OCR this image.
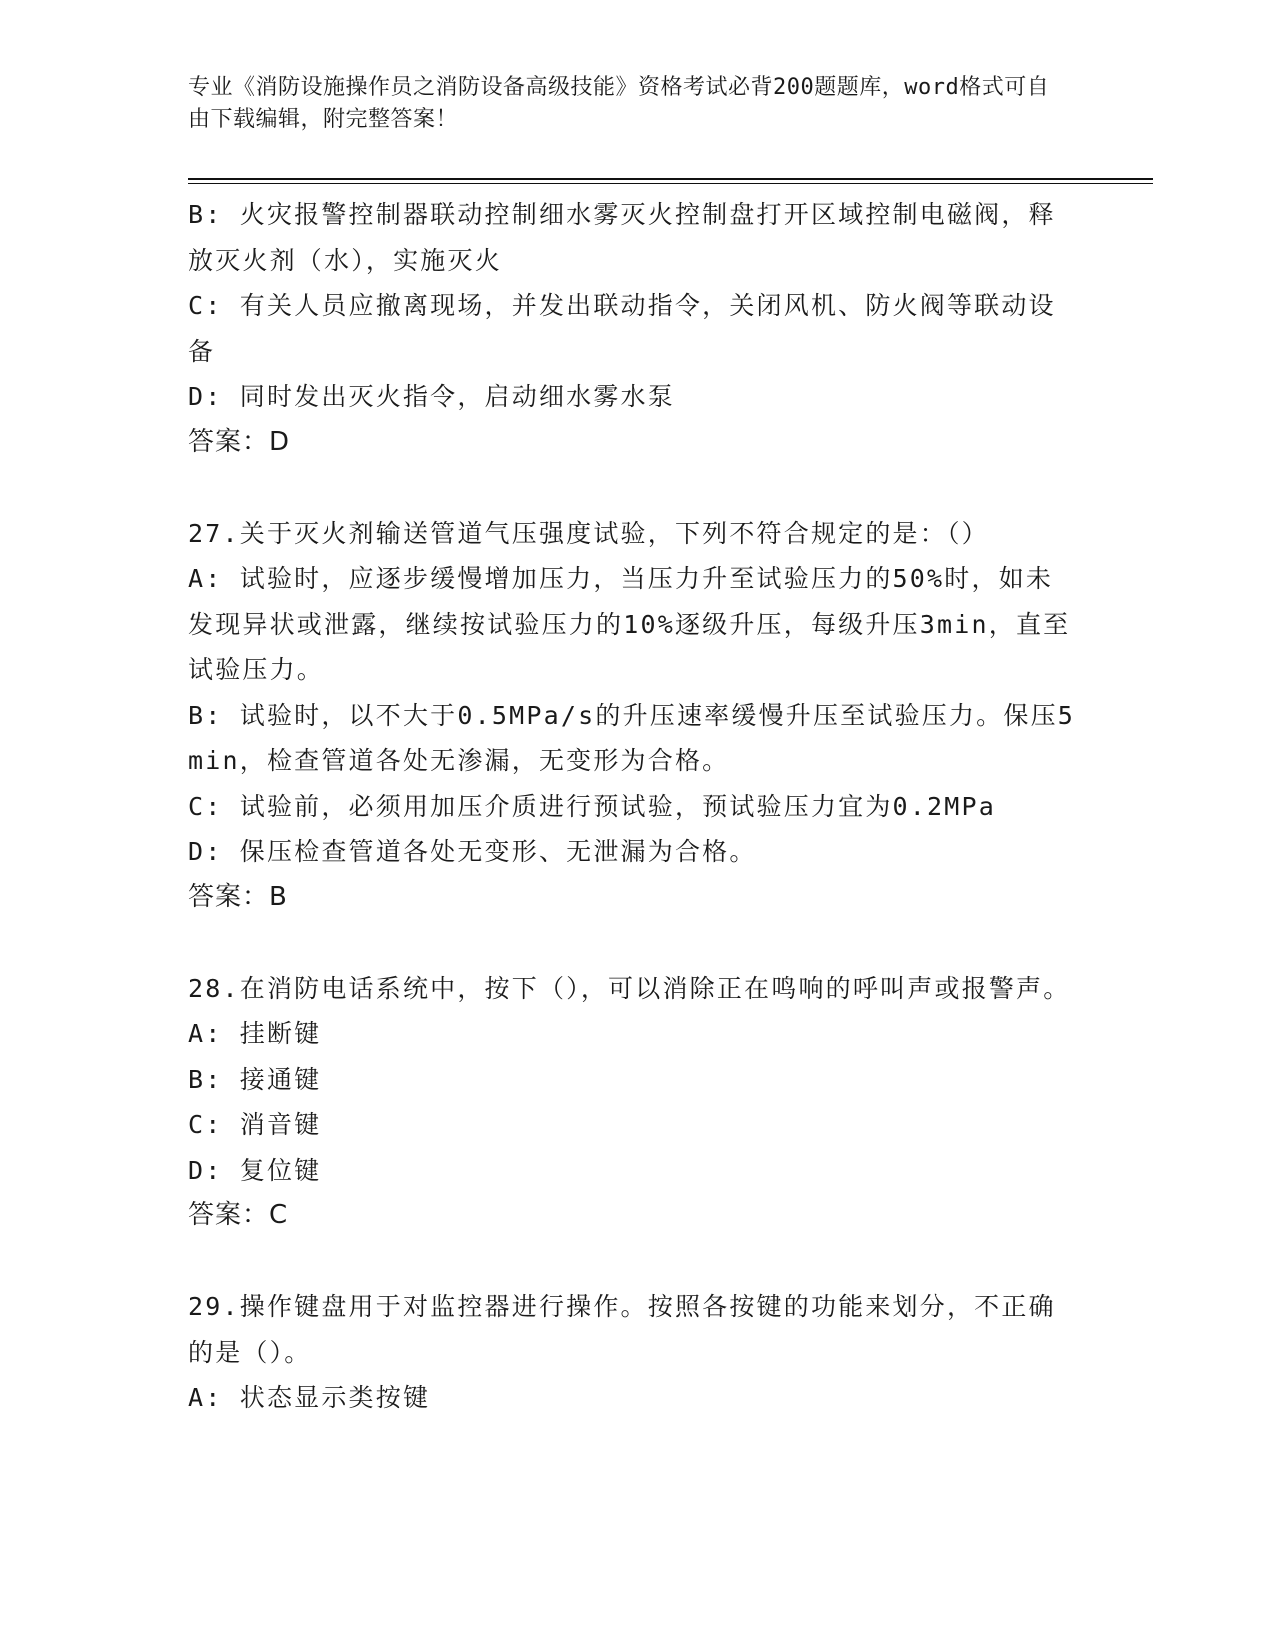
专业《消防设施操作员之消防设备高级技能》资格考试必背200题题库，word格式可自由下载编辑，附完整答案！

B: 火灾报警控制器联动控制细水雾灭火控制盘打开区域控制电磁阀，释放灭火剂（水），实施灭火

C: 有关人员应撤离现场，并发出联动指令，关闭风机、防火阀等联动设备

D: 同时发出灭火指令，启动细水雾水泵

答案：D

27.关于灭火剂输送管道气压强度试验，下列不符合规定的是：（）

A: 试验时，应逐步缓慢增加压力，当压力升至试验压力的50%时，如未发现异状或泄露，继续按试验压力的10%逐级升压，每级升压3min，直至试验压力。

B: 试验时，以不大于0.5MPa/s的升压速率缓慢升压至试验压力。保压5min，检查管道各处无渗漏，无变形为合格。

C: 试验前，必须用加压介质进行预试验，预试验压力宜为0.2MPa

D: 保压检查管道各处无变形、无泄漏为合格。

答案：B

28.在消防电话系统中，按下（），可以消除正在鸣响的呼叫声或报警声。

A: 挂断键

B: 接通键

C: 消音键

D: 复位键

答案：C

29.操作键盘用于对监控器进行操作。按照各按键的功能来划分，不正确的是（）。

A: 状态显示类按键
